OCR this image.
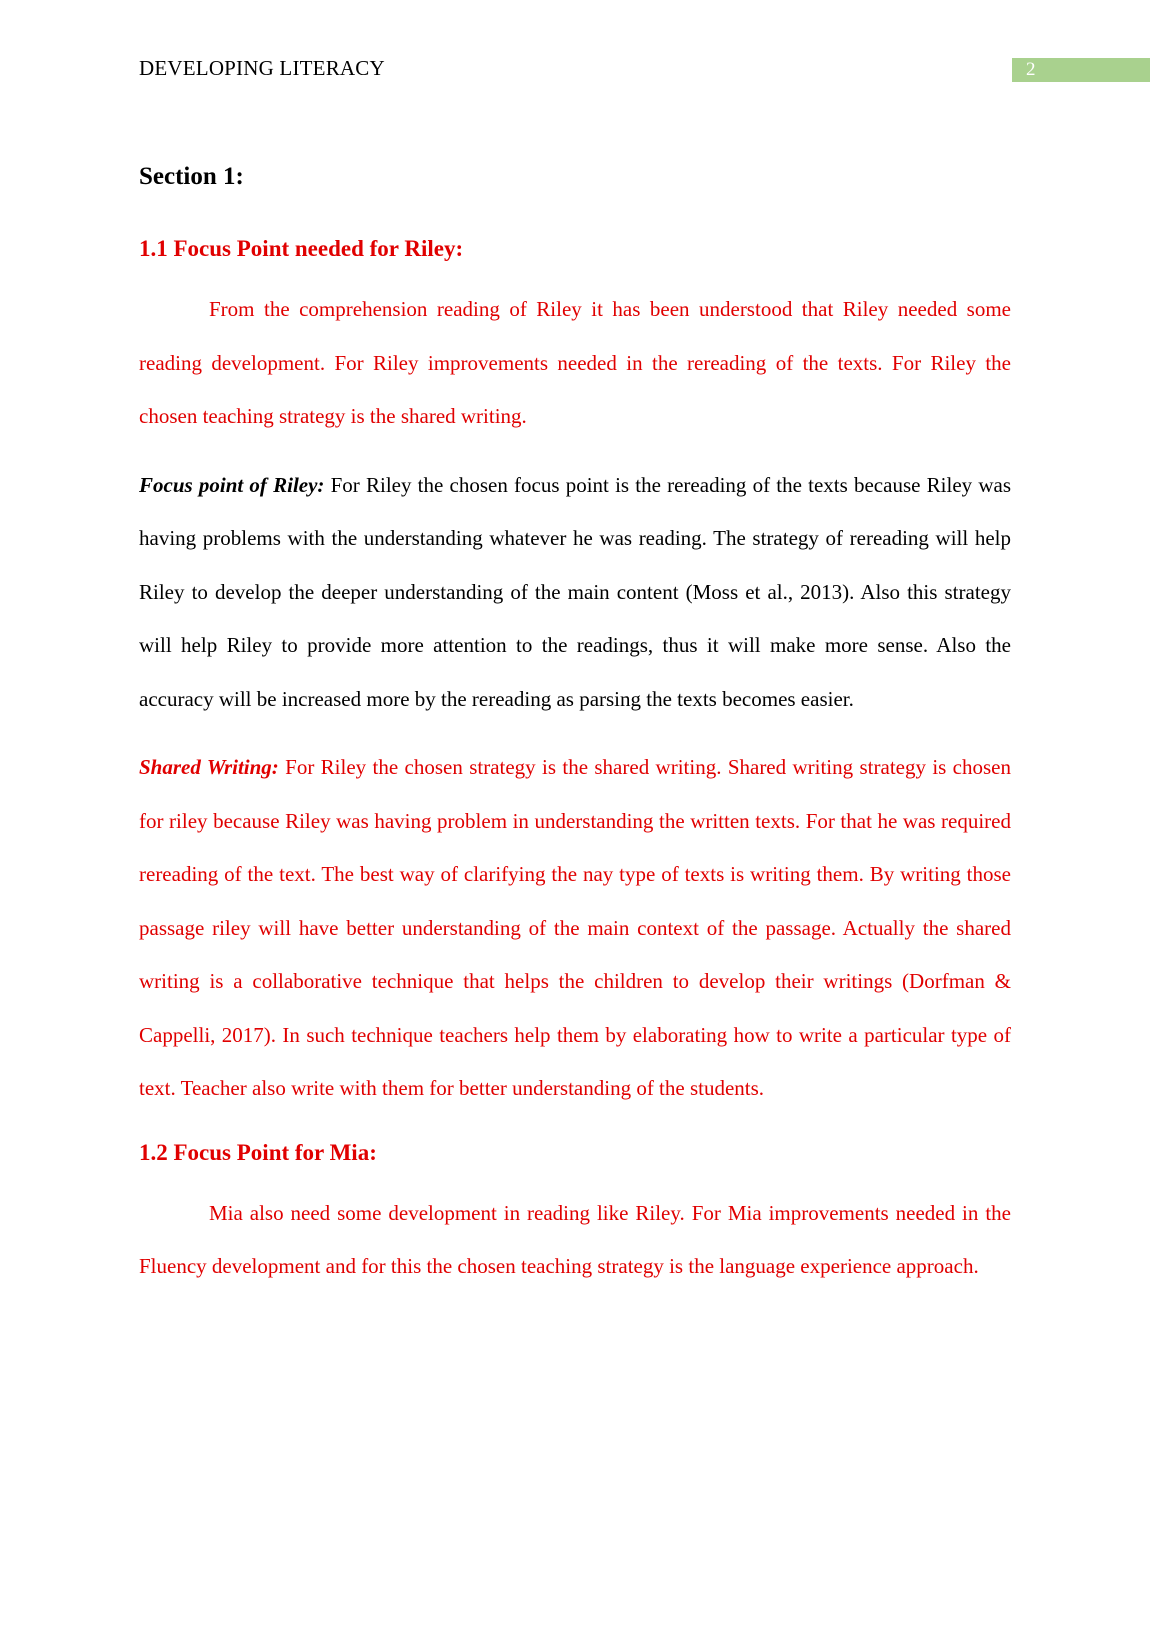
DEVELOPING LITERACY	2
Section 1:
1.1 Focus Point needed for Riley:

From the comprehension reading of Riley it has been understood that Riley needed some reading development. For Riley improvements needed in the rereading of the texts. For Riley the chosen teaching strategy is the shared writing.

Focus point of Riley: For Riley the chosen focus point is the rereading of the texts because Riley was having problems with the understanding whatever he was reading. The strategy of rereading will help Riley to develop the deeper understanding of the main content (Moss et al., 2013). Also this strategy will help Riley to provide more attention to the readings, thus it will make more sense. Also the accuracy will be increased more by the rereading as parsing the texts becomes easier.

Shared Writing: For Riley the chosen strategy is the shared writing. Shared writing strategy is chosen for riley because Riley was having problem in understanding the written texts. For that he was required rereading of the text. The best way of clarifying the nay type of texts is writing them. By writing those passage riley will have better understanding of the main context of the passage. Actually the shared writing is a collaborative technique that helps the children to develop their writings (Dorfman & Cappelli, 2017). In such technique teachers help them by elaborating how to write a particular type of text. Teacher also write with them for better understanding of the students.

1.2 Focus Point for Mia:

Mia also need some development in reading like Riley. For Mia improvements needed in the Fluency development and for this the chosen teaching strategy is the language experience approach.
